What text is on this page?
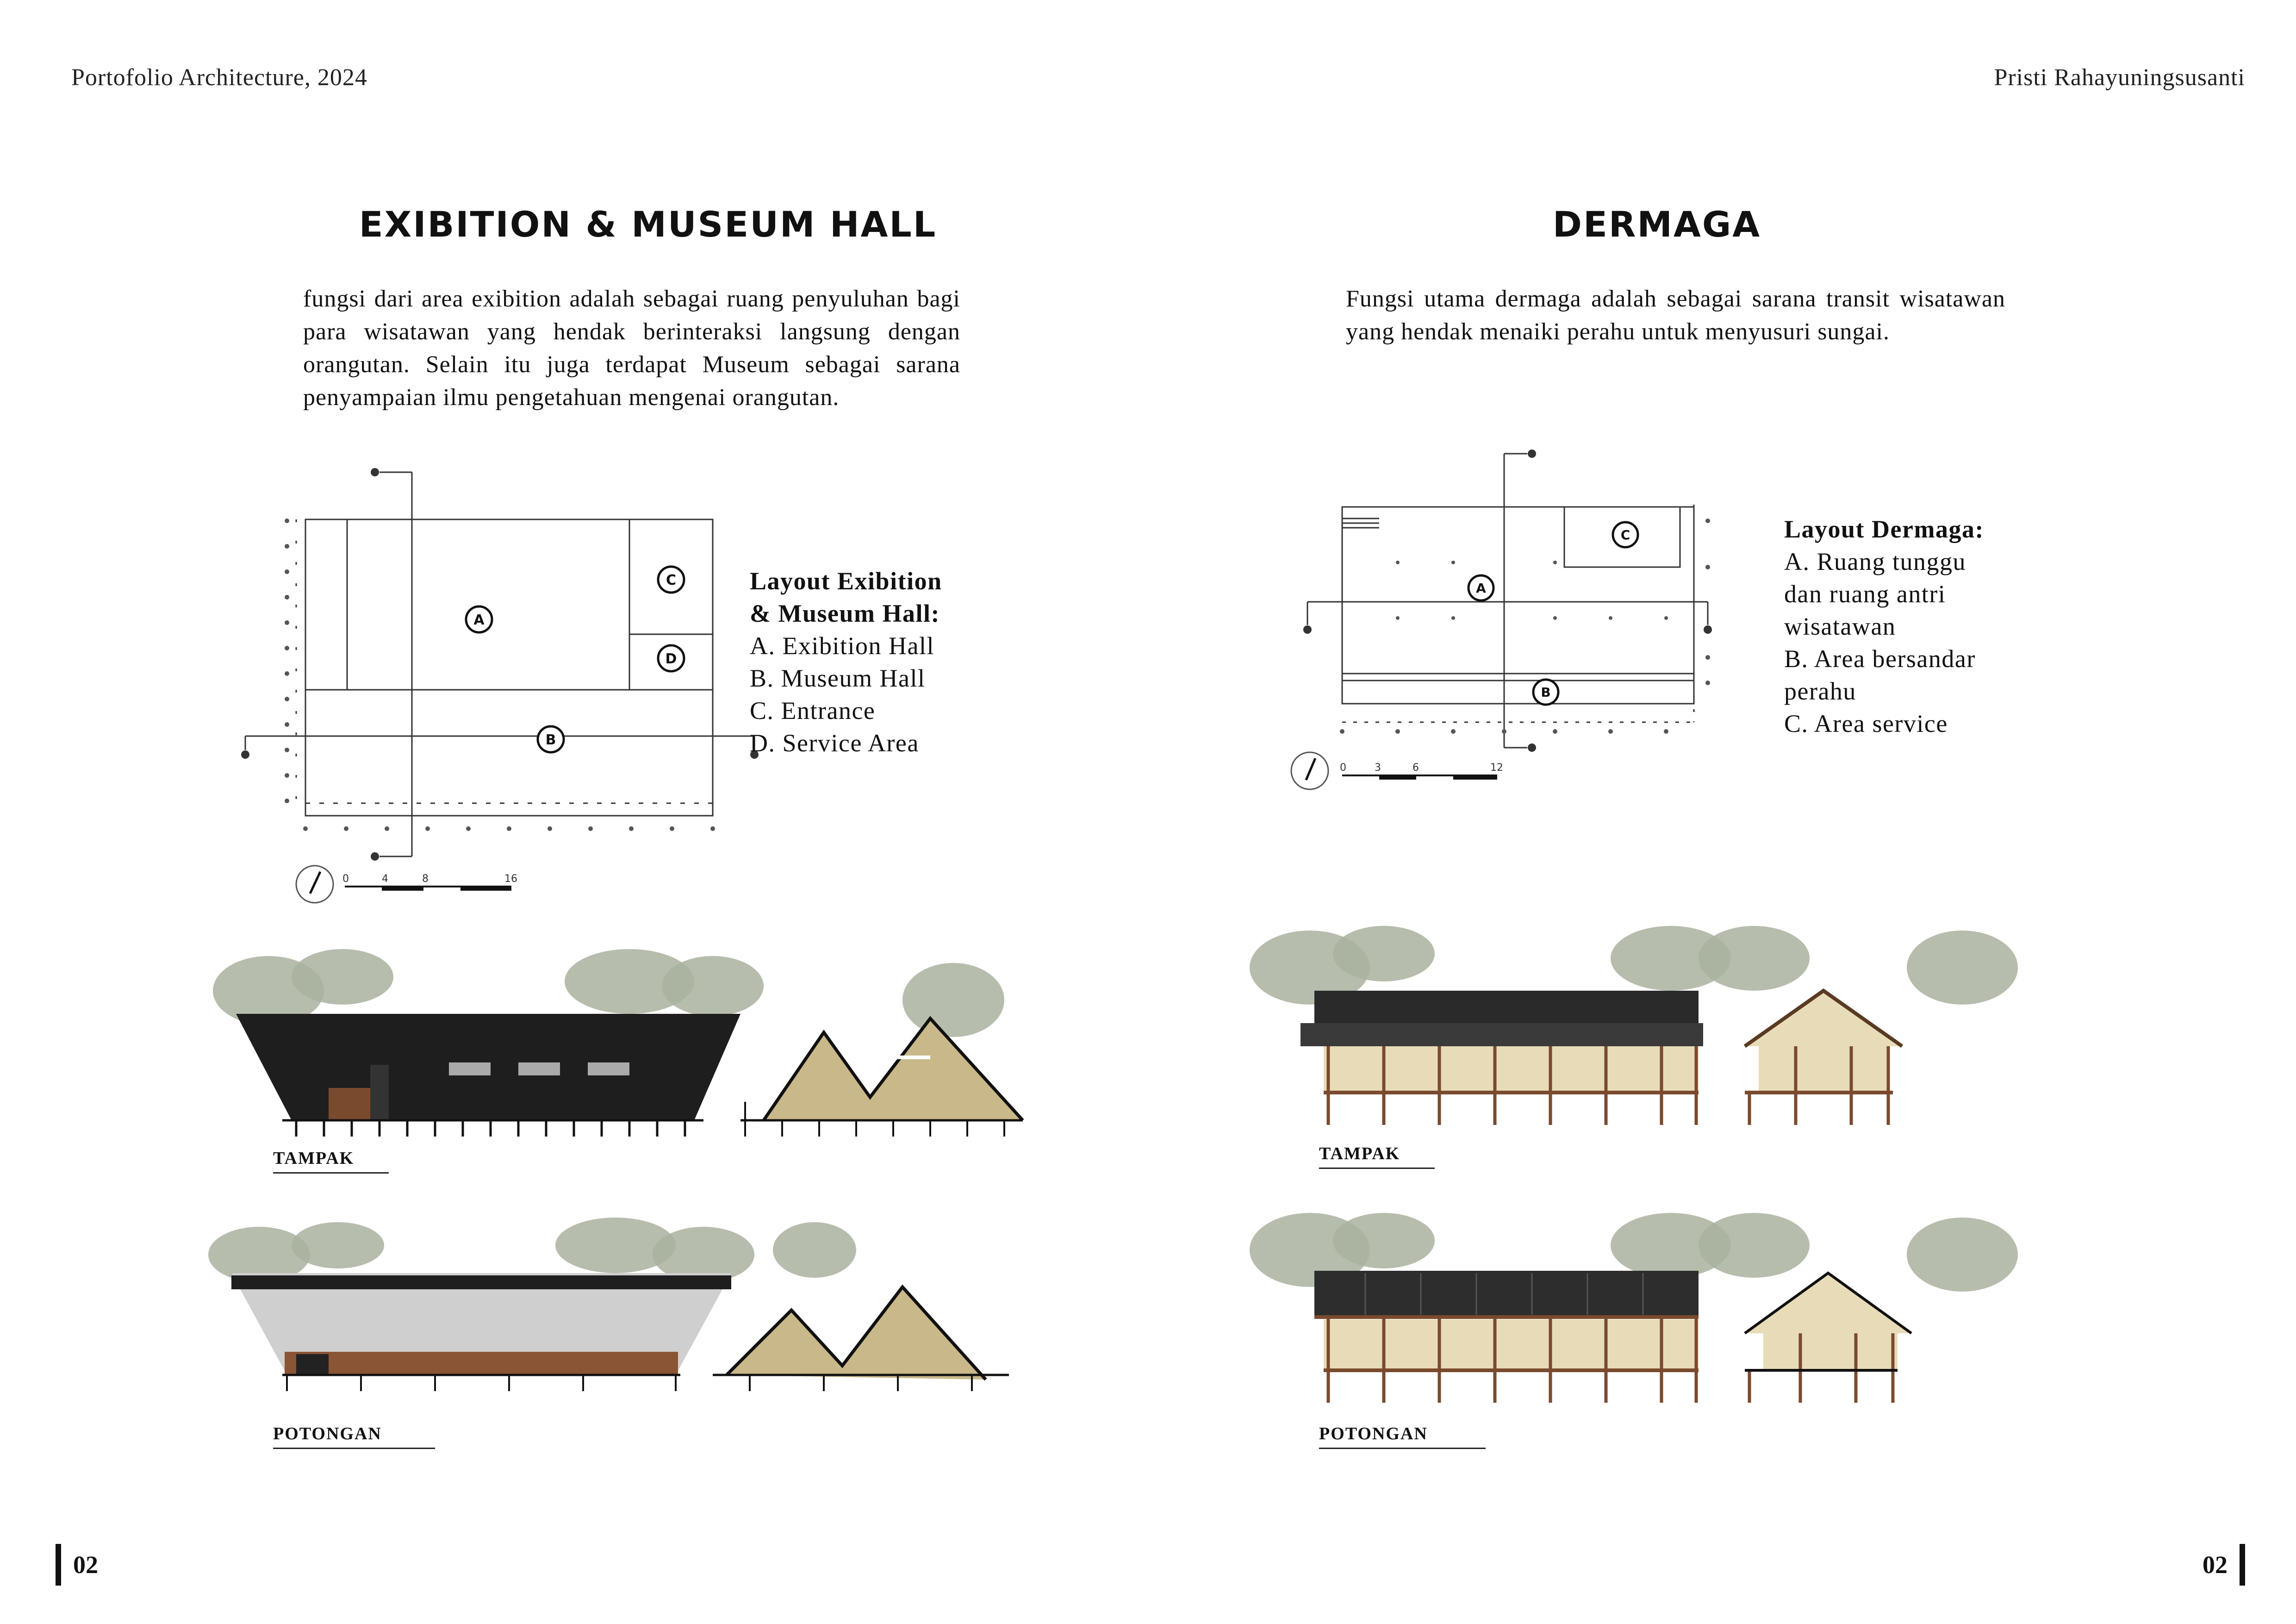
Portofolio Architecture, 2024	Pristi Rahayuningsusanti
EXIBITION & MUSEUM HALL
fungsi dari area exibition adalah sebagai ruang penyuluhan bagi para wisatawan yang hendak berinteraksi langsung dengan orangutan. Selain itu juga terdapat Museum sebagai sarana penyampaian ilmu pengetahuan mengenai orangutan.
A
B
C
D
0	4	8	16
Layout Exibition
& Museum Hall:
A. Exibition Hall
B. Museum Hall
C. Entrance
D. Service Area
TAMPAK
POTONGAN
DERMAGA
Fungsi utama dermaga adalah sebagai sarana transit wisatawan yang hendak menaiki perahu untuk menyusuri sungai.
A
B
C
0	3	6	12
Layout Dermaga:
A. Ruang tunggu
dan ruang antri
wisatawan
B. Area bersandar
perahu
C. Area service
TAMPAK
POTONGAN
02	02
